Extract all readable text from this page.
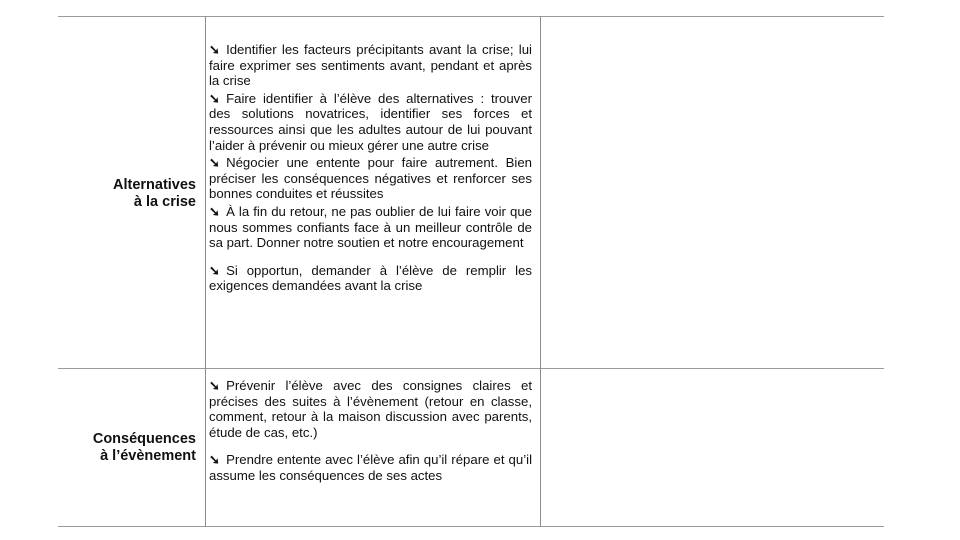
Alternatives
à la crise

➘ Identifier les facteurs précipitants avant la crise; lui faire exprimer ses sentiments avant, pendant et après la crise

➘ Faire identifier à l’élève des alternatives : trouver des solutions novatrices, identifier ses forces et ressources ainsi que les adultes autour de lui pouvant l’aider à prévenir ou mieux gérer une autre crise

➘ Négocier une entente pour faire autrement. Bien préciser les conséquences négatives et renforcer ses bonnes conduites et réussites

➘ À la fin du retour, ne pas oublier de lui faire voir que nous sommes confiants face à un meilleur contrôle de sa part. Donner notre soutien et notre encouragement

➘ Si opportun, demander à l’élève de remplir les exigences demandées avant la crise

Conséquences
à l’évènement

➘ Prévenir l’élève avec des consignes claires et précises des suites à l’évènement (retour en classe, comment, retour à la maison discussion avec parents, étude de cas, etc.)

➘ Prendre entente avec l’élève afin qu’il répare et qu’il assume les conséquences de ses actes
